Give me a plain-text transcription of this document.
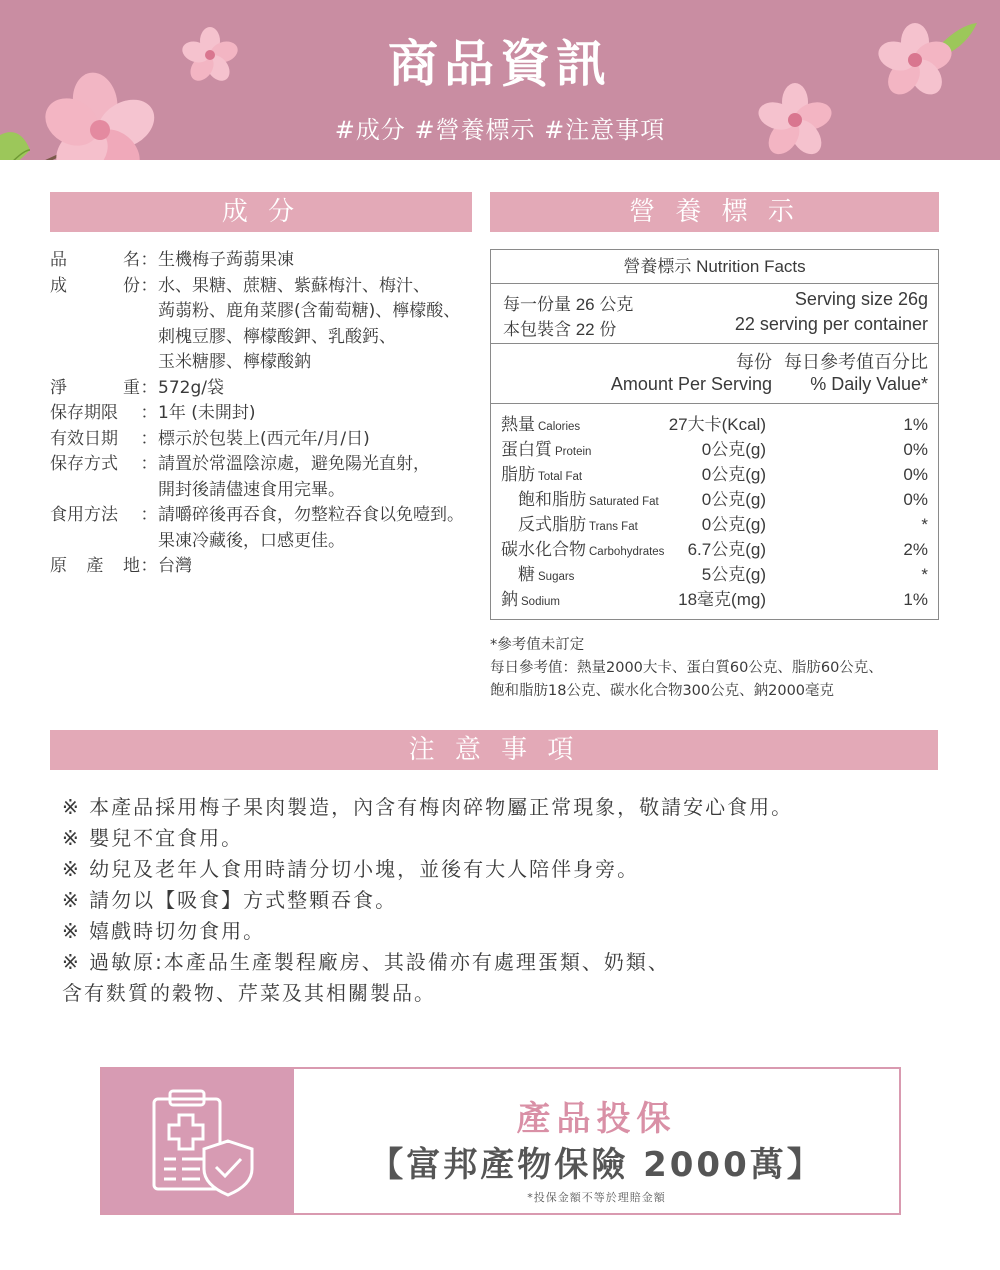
商品資訊
#成分 #營養標示 #注意事項
成 分	營 養 標 示
品	名 ： 生機梅子蒟蒻果凍
成	份 ： 水、果糖、蔗糖、紫蘇梅汁、梅汁、
蒟蒻粉、鹿角菜膠(含葡萄糖)、檸檬酸、
刺槐豆膠、檸檬酸鉀、乳酸鈣、
玉米糖膠、檸檬酸鈉
淨	重 ： 572g/袋
保存期限 ： 1年 (未開封)
有效日期 ： 標示於包裝上(西元年/月/日)
保存方式 ： 請置於常溫陰涼處，避免陽光直射，
開封後請儘速食用完畢。
食用方法 ： 請嚼碎後再吞食，勿整粒吞食以免噎到。
果凍冷藏後，口感更佳。
原 產 地 ： 台灣
營養標示 Nutrition Facts
每一份量 26 公克
本包裝含 22 份
Serving size 26g
22 serving per container
每份 每日參考值百分比
Amount Per Serving % Daily Value*
熱量 Calories	27大卡(Kcal)	1%
蛋白質 Protein	0公克(g)	0%
脂肪 Total Fat	0公克(g)	0%
飽和脂肪 Saturated Fat	0公克(g)	0%
反式脂肪 Trans Fat	0公克(g)	*
碳水化合物 Carbohydrates 6.7公克(g)	2%
糖 Sugars	5公克(g)	*
鈉 Sodium	18毫克(mg)	1%
*參考值未訂定
每日參考值：熱量2000大卡、蛋白質60公克、脂肪60公克、
飽和脂肪18公克、碳水化合物300公克、鈉2000毫克
注 意 事 項
※ 本產品採用梅子果肉製造，內含有梅肉碎物屬正常現象，敬請安心食用。
※ 嬰兒不宜食用。
※ 幼兒及老年人食用時請分切小塊，並後有大人陪伴身旁。
※ 請勿以【吸食】方式整顆吞食。
※ 嬉戲時切勿食用。
※ 過敏原:本產品生產製程廠房、其設備亦有處理蛋類、奶類、
含有麩質的穀物、芹菜及其相關製品。
產品投保
【富邦產物保險 2000萬】
*投保金額不等於理賠金額
